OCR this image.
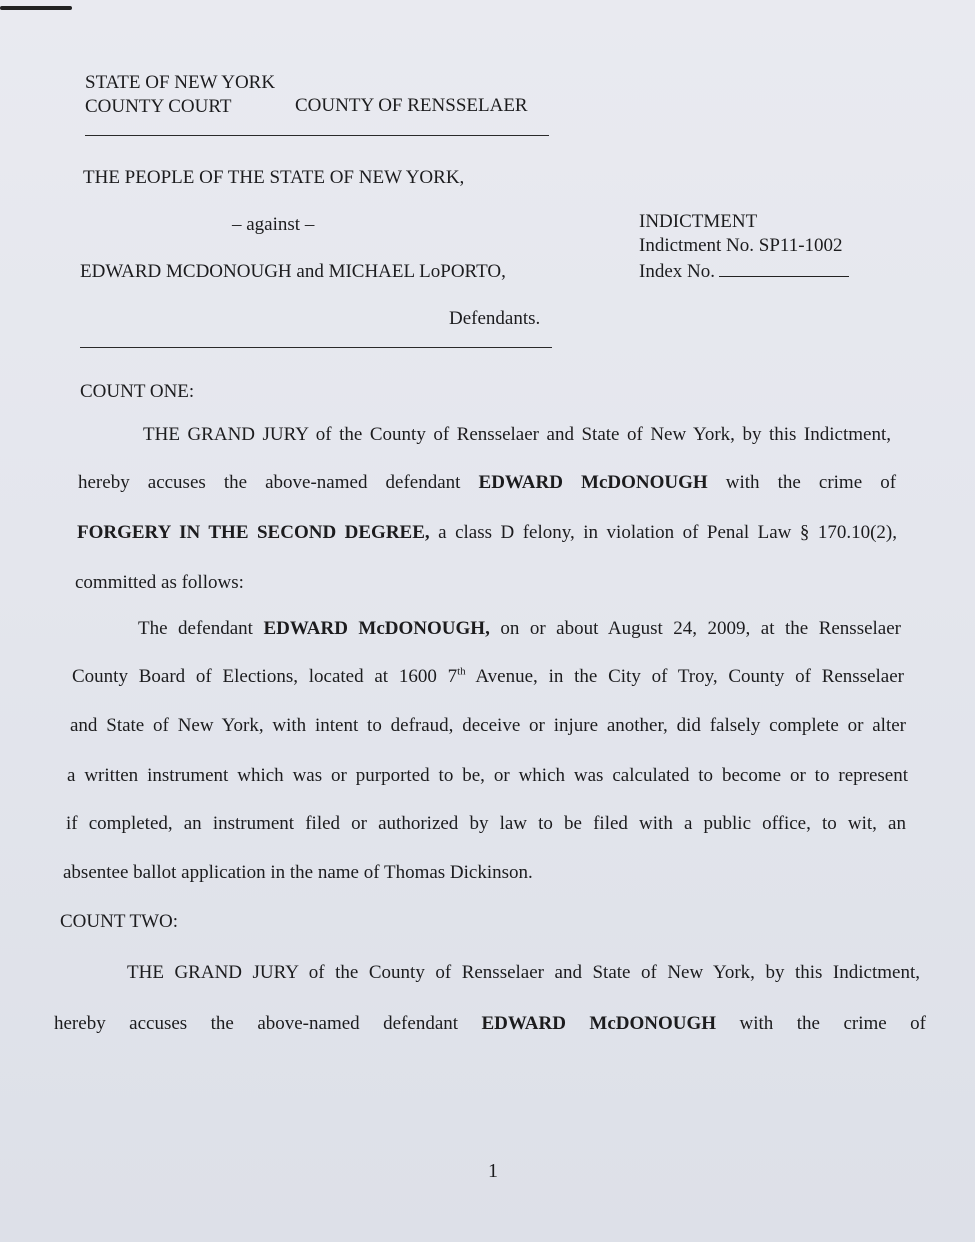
STATE OF NEW YORK
COUNTY COURT	COUNTY OF RENSSELAER
THE PEOPLE OF THE STATE OF NEW YORK,
– against –
EDWARD MCDONOUGH and MICHAEL LoPORTO,
Defendants.
INDICTMENT
Indictment No. SP11-1002
Index No.
COUNT ONE:
THE GRAND JURY of the County of Rensselaer and State of New York, by this Indictment,
hereby accuses the above-named defendant EDWARD McDONOUGH with the crime of
FORGERY IN THE SECOND DEGREE, a class D felony, in violation of Penal Law § 170.10(2),
committed as follows:
The defendant EDWARD McDONOUGH, on or about August 24, 2009, at the Rensselaer
County Board of Elections, located at 1600 7th Avenue, in the City of Troy, County of Rensselaer
and State of New York, with intent to defraud, deceive or injure another, did falsely complete or alter
a written instrument which was or purported to be, or which was calculated to become or to represent
if completed, an instrument filed or authorized by law to be filed with a public office, to wit, an
absentee ballot application in the name of Thomas Dickinson.
COUNT TWO:
THE GRAND JURY of the County of Rensselaer and State of New York, by this Indictment,
hereby accuses the above-named defendant EDWARD McDONOUGH with the crime of
1
